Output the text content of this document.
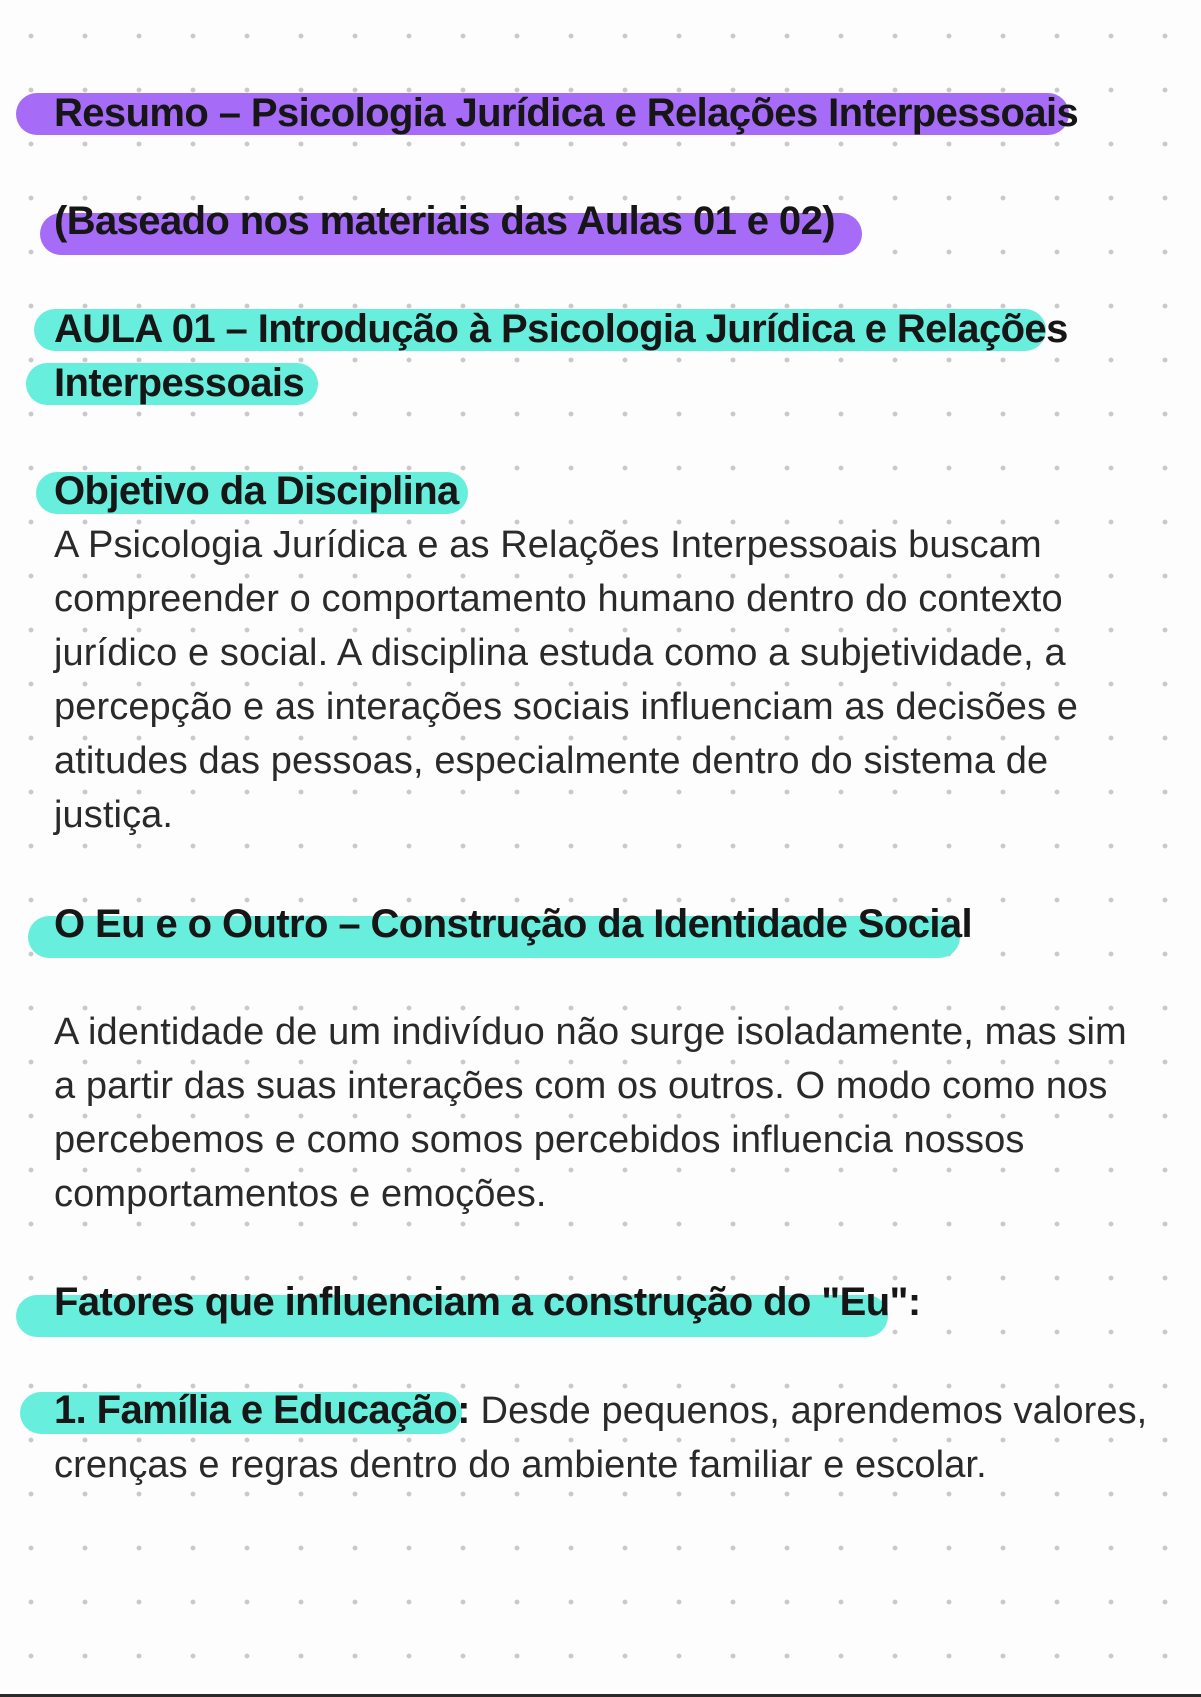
Resumo – Psicologia Jurídica e Relações Interpessoais
(Baseado nos materiais das Aulas 01 e 02)
AULA 01 – Introdução à Psicologia Jurídica e Relações
Interpessoais
Objetivo da Disciplina

A Psicologia Jurídica e as Relações Interpessoais buscam compreender o comportamento humano dentro do contexto jurídico e social. A disciplina estuda como a subjetividade, a percepção e as interações sociais influenciam as decisões e atitudes das pessoas, especialmente dentro do sistema de justiça.

O Eu e o Outro – Construção da Identidade Social

A identidade de um indivíduo não surge isoladamente, mas sim a partir das suas interações com os outros. O modo como nos percebemos e como somos percebidos influencia nossos comportamentos e emoções.

Fatores que influenciam a construção do "Eu":

1. Família e Educação: Desde pequenos, aprendemos valores, crenças e regras dentro do ambiente familiar e escolar.
